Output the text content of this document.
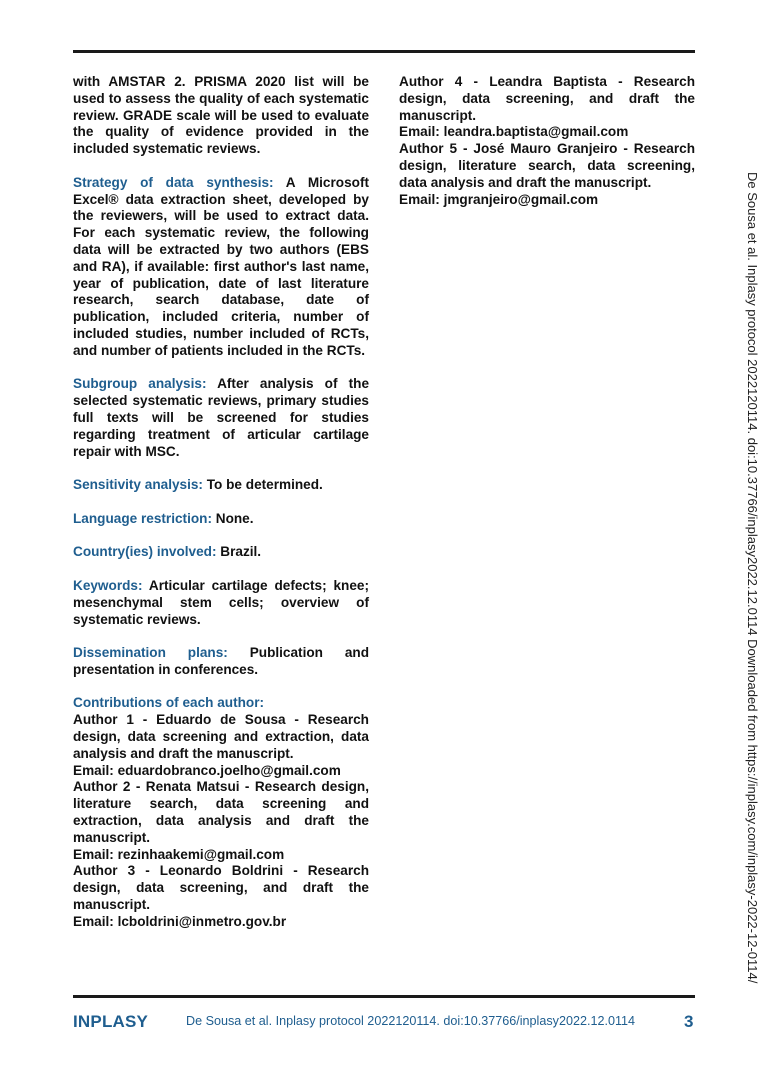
with AMSTAR 2. PRISMA 2020 list will be used to assess the quality of each systematic review. GRADE scale will be used to evaluate the quality of evidence provided in the included systematic reviews.

Strategy of data synthesis: A Microsoft Excel® data extraction sheet, developed by the reviewers, will be used to extract data. For each systematic review, the following data will be extracted by two authors (EBS and RA), if available: first author's last name, year of publication, date of last literature research, search database, date of publication, included criteria, number of included studies, number included of RCTs, and number of patients included in the RCTs.

Subgroup analysis: After analysis of the selected systematic reviews, primary studies full texts will be screened for studies regarding treatment of articular cartilage repair with MSC.

Sensitivity analysis: To be determined.

Language restriction: None.

Country(ies) involved: Brazil.

Keywords: Articular cartilage defects; knee; mesenchymal stem cells; overview of systematic reviews.

Dissemination plans: Publication and presentation in conferences.

Contributions of each author:
Author 1 - Eduardo de Sousa - Research design, data screening and extraction, data analysis and draft the manuscript.
Email: eduardobranco.joelho@gmail.com
Author 2 - Renata Matsui - Research design, literature search, data screening and extraction, data analysis and draft the manuscript.
Email: rezinhaakemi@gmail.com
Author 3 - Leonardo Boldrini - Research design, data screening, and draft the manuscript.
Email: lcboldrini@inmetro.gov.br

Author 4 - Leandra Baptista - Research design, data screening, and draft the manuscript.
Email: leandra.baptista@gmail.com
Author 5 - José Mauro Granjeiro - Research design, literature search, data screening, data analysis and draft the manuscript.
Email: jmgranjeiro@gmail.com	De Sousa et al. Inplasy protocol 2022120114. doi:10.37766/inplasy2022.12.0114 Downloaded from https://inplasy.com/inplasy-2022-12-0114/
INPLASY	De Sousa et al. Inplasy protocol 2022120114. doi:10.37766/inplasy2022.12.0114	3
